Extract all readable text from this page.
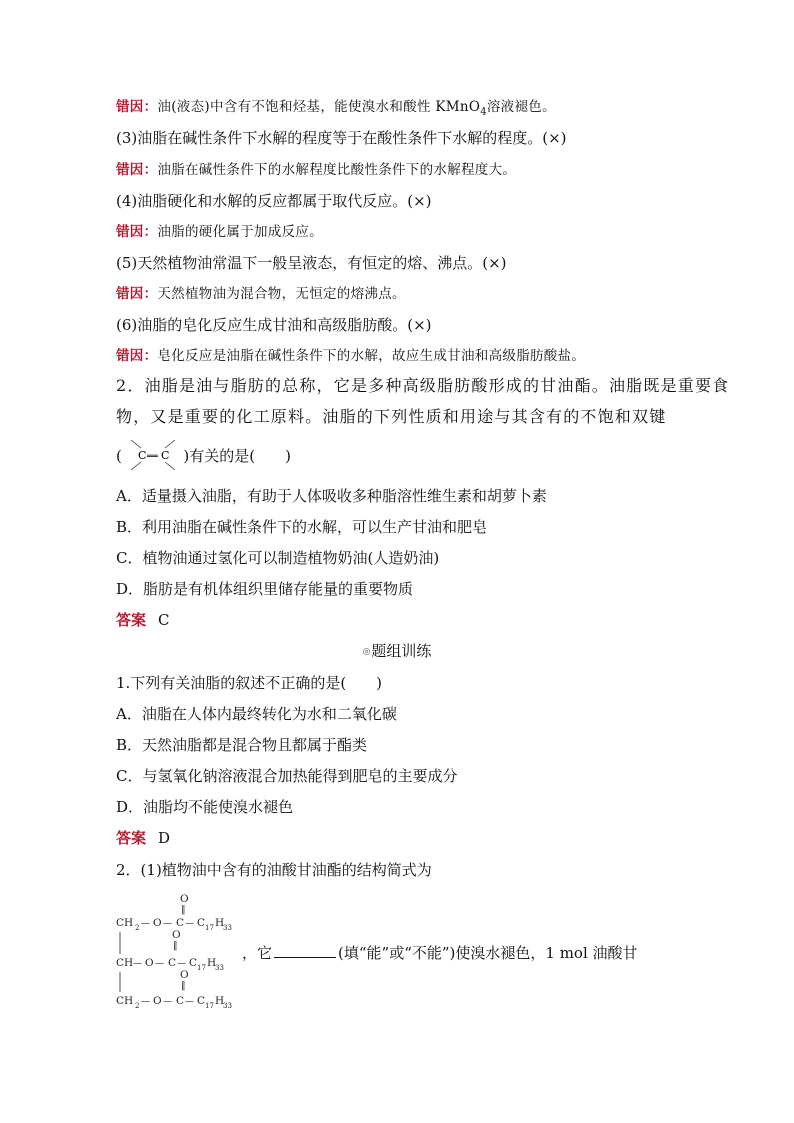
错因：油(液态)中含有不饱和烃基，能使溴水和酸性 KMnO$_4$溶液褪色。
(3)油脂在碱性条件下水解的程度等于在酸性条件下水解的程度。(×)
错因：油脂在碱性条件下的水解程度比酸性条件下的水解程度大。
(4)油脂硬化和水解的反应都属于取代反应。(×)
错因：油脂的硬化属于加成反应。
(5)天然植物油常温下一般呈液态，有恒定的熔、沸点。(×)
错因：天然植物油为混合物，无恒定的熔沸点。
(6)油脂的皂化反应生成甘油和高级脂肪酸。(×)
错因：皂化反应是油脂在碱性条件下的水解，故应生成甘油和高级脂肪酸盐。
2．油脂是油与脂肪的总称，它是多种高级脂肪酸形成的甘油酯。油脂既是重要食
物，又是重要的化工原料。油脂的下列性质和用途与其含有的不饱和双键
( C ══ C )有关的是(　　)
A．适量摄入油脂，有助于人体吸收多种脂溶性维生素和胡萝卜素
B．利用油脂在碱性条件下的水解，可以生产甘油和肥皂
C．植物油通过氢化可以制造植物奶油(人造奶油)
D．脂肪是有机体组织里储存能量的重要物质
答案 C
◎题组训练
1.下列有关油脂的叙述不正确的是(　　)
A．油脂在人体内最终转化为水和二氧化碳
B．天然油脂都是混合物且都属于酯类
C．与氢氧化钠溶液混合加热能得到肥皂的主要成分
D．油脂均不能使溴水褪色
答案 D
2．(1)植物油中含有的油酸甘油酯的结构简式为
O
‖
CH 2 — O — C — C 17 H
33
O
‖
CH — O — C — C 17 H
33
O
‖
CH 2 — O — C — C 17 H
33
，它	(填“能”或“不能”)使溴水褪色，1 mol 油酸甘
